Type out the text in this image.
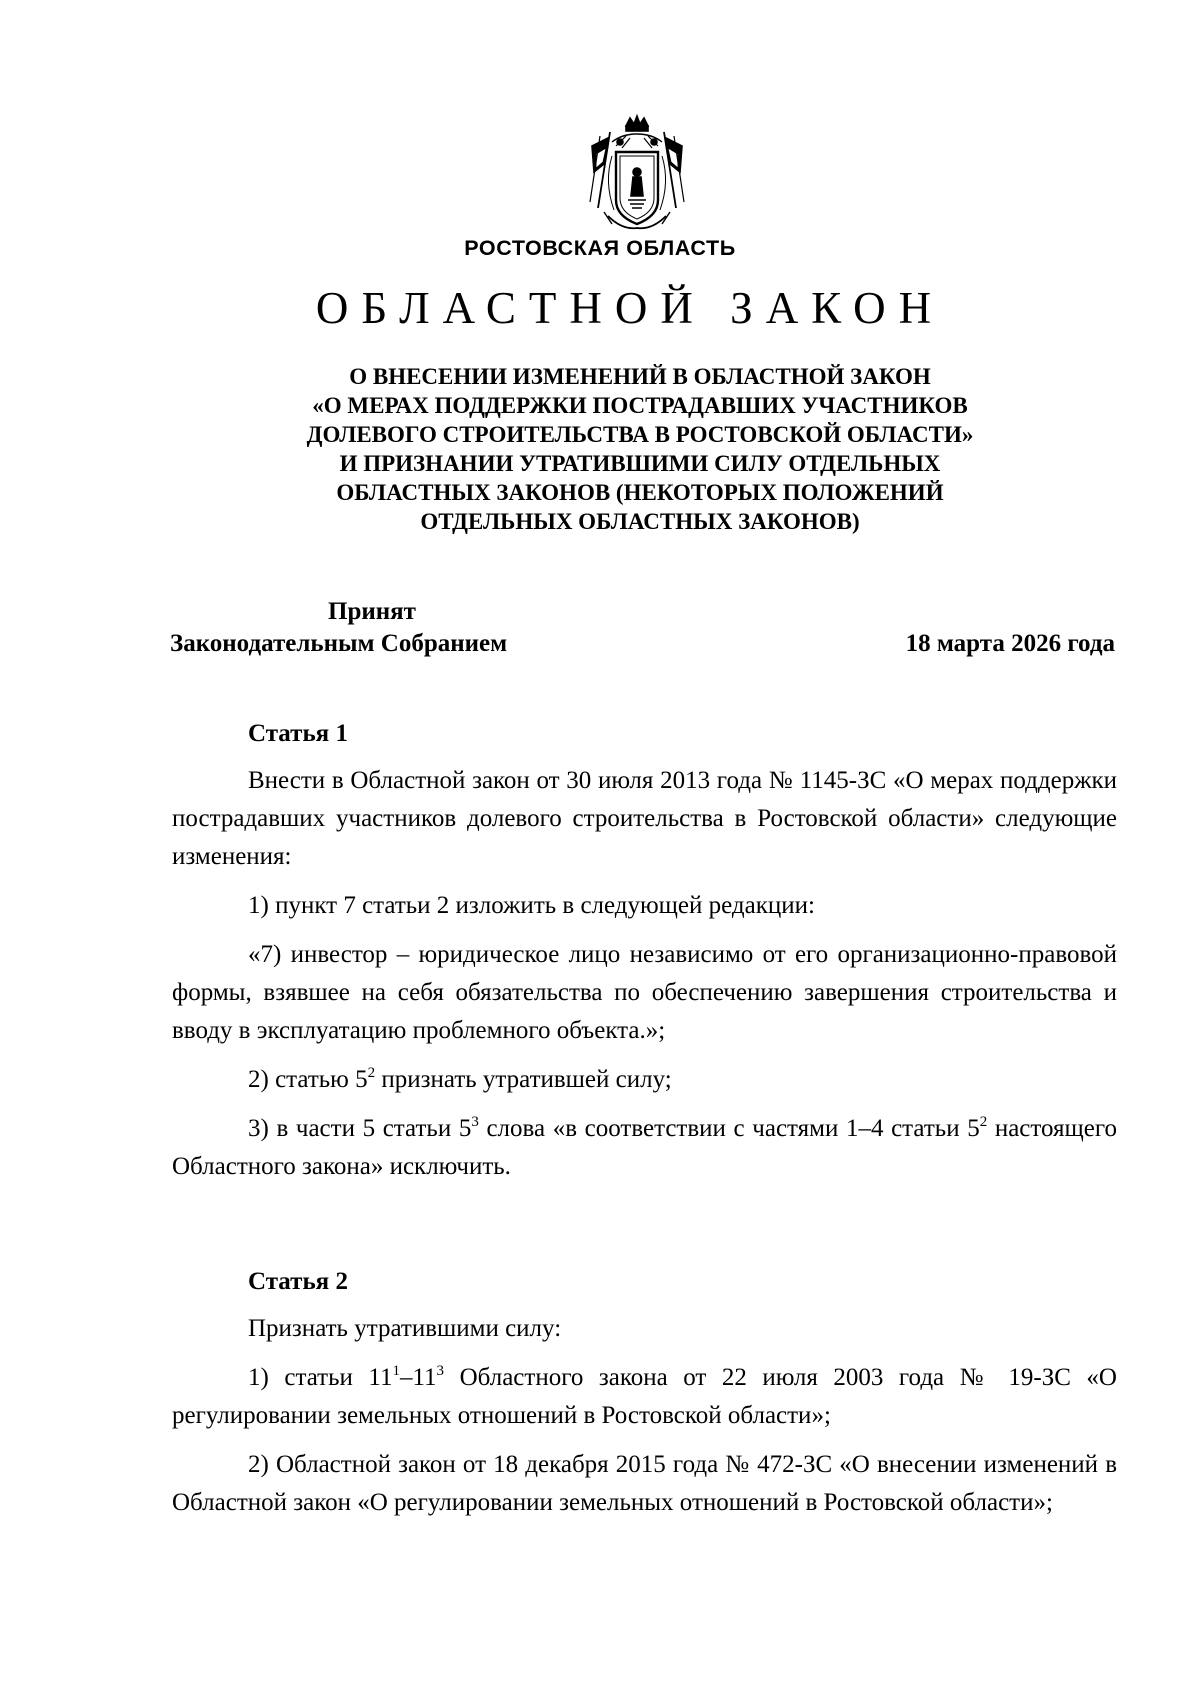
РОСТОВСКАЯ ОБЛАСТЬ
ОБЛАСТНОЙ ЗАКОН
О ВНЕСЕНИИ ИЗМЕНЕНИЙ В ОБЛАСТНОЙ ЗАКОН
«О МЕРАХ ПОДДЕРЖКИ ПОСТРАДАВШИХ УЧАСТНИКОВ
ДОЛЕВОГО СТРОИТЕЛЬСТВА В РОСТОВСКОЙ ОБЛАСТИ»
И ПРИЗНАНИИ УТРАТИВШИМИ СИЛУ ОТДЕЛЬНЫХ
ОБЛАСТНЫХ ЗАКОНОВ (НЕКОТОРЫХ ПОЛОЖЕНИЙ
ОТДЕЛЬНЫХ ОБЛАСТНЫХ ЗАКОНОВ)
Принят
Законодательным Собранием	18 марта 2026 года
Статья 1

Внести в Областной закон от 30 июля 2013 года № 1145-ЗС «О мерах поддержки пострадавших участников долевого строительства в Ростовской области» следующие изменения:

1) пункт 7 статьи 2 изложить в следующей редакции:

«7) инвестор – юридическое лицо независимо от его организационно-правовой формы, взявшее на себя обязательства по обеспечению завершения строительства и вводу в эксплуатацию проблемного объекта.»;

2) статью $5^2$ признать утратившей силу;

3) в части 5 статьи $5^3$ слова «в соответствии с частями 1–4 статьи $5^2$ настоящего Областного закона» исключить.

Статья 2

Признать утратившими силу:

1) статьи $11^1-11^3$ Областного закона от 22 июля 2003 года № 19-ЗС «О регулировании земельных отношений в Ростовской области»;

2) Областной закон от 18 декабря 2015 года № 472-ЗС «О внесении изменений в Областной закон «О регулировании земельных отношений в Ростовской области»;
